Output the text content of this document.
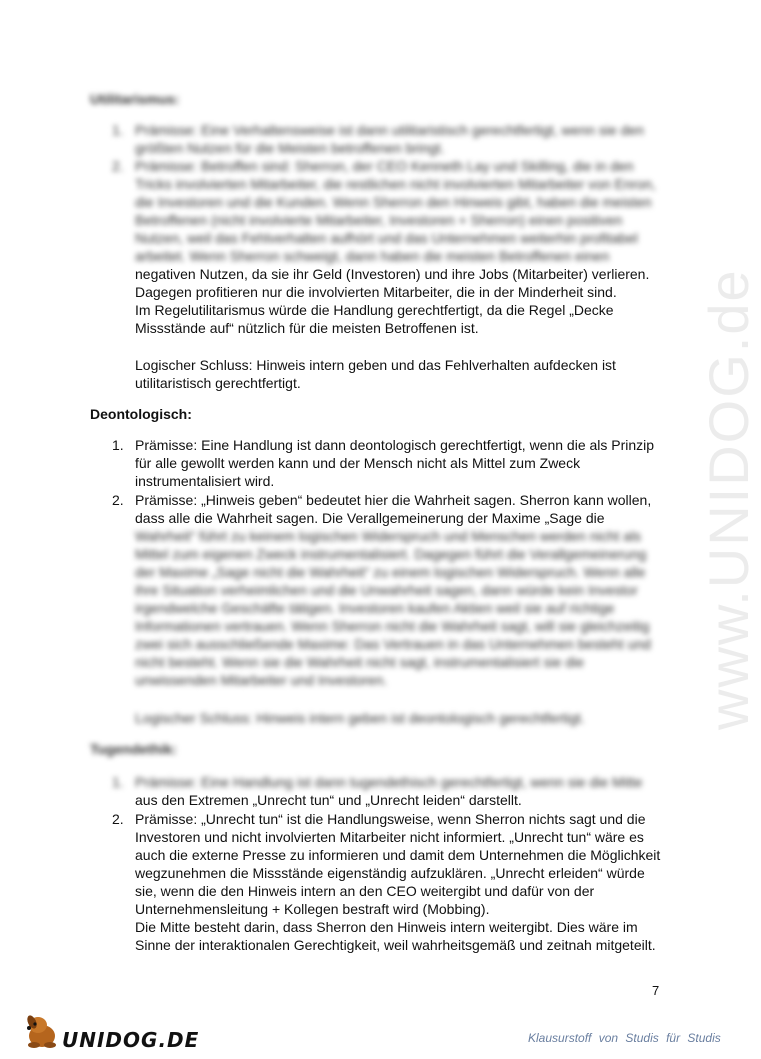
www.UNIDOG.de
Utilitarismus:
1. Prämisse: Eine Verhaltensweise ist dann utilitaristisch gerechtfertigt, wenn sie den
größten Nutzen für die Meisten betroffenen bringt.
2. Prämisse: Betroffen sind: Sherron, der CEO Kenneth Lay und Skilling, die in den
Tricks involvierten Mitarbeiter, die restlichen nicht involvierten Mitarbeiter von Enron,
die Investoren und die Kunden. Wenn Sherron den Hinweis gibt, haben die meisten
Betroffenen (nicht involvierte Mitarbeiter, Investoren + Sherron) einen positiven
Nutzen, weil das Fehlverhalten aufhört und das Unternehmen weiterhin profitabel
arbeitet. Wenn Sherron schweigt, dann haben die meisten Betroffenen einen
negativen Nutzen, da sie ihr Geld (Investoren) und ihre Jobs (Mitarbeiter) verlieren.
Dagegen profitieren nur die involvierten Mitarbeiter, die in der Minderheit sind.
Im Regelutilitarismus würde die Handlung gerechtfertigt, da die Regel „Decke
Missstände auf“ nützlich für die meisten Betroffenen ist.
Logischer Schluss: Hinweis intern geben und das Fehlverhalten aufdecken ist
utilitaristisch gerechtfertigt.
Deontologisch:
1. Prämisse: Eine Handlung ist dann deontologisch gerechtfertigt, wenn die als Prinzip
für alle gewollt werden kann und der Mensch nicht als Mittel zum Zweck
instrumentalisiert wird.
2. Prämisse: „Hinweis geben“ bedeutet hier die Wahrheit sagen. Sherron kann wollen,
dass alle die Wahrheit sagen. Die Verallgemeinerung der Maxime „Sage die
Wahrheit“ führt zu keinem logischen Widerspruch und Menschen werden nicht als
Mittel zum eigenen Zweck instrumentalisiert. Dagegen führt die Verallgemeinerung
der Maxime „Sage nicht die Wahrheit“ zu einem logischen Widerspruch. Wenn alle
ihre Situation verheimlichen und die Unwahrheit sagen, dann würde kein Investor
irgendwelche Geschäfte tätigen. Investoren kaufen Aktien weil sie auf richtige
Informationen vertrauen. Wenn Sherron nicht die Wahrheit sagt, will sie gleichzeitig
zwei sich ausschließende Maxime: Das Vertrauen in das Unternehmen besteht und
nicht besteht. Wenn sie die Wahrheit nicht sagt, instrumentalisiert sie die
unwissenden Mitarbeiter und Investoren.
Logischer Schluss: Hinweis intern geben ist deontologisch gerechtfertigt.
Tugendethik:
1. Prämisse: Eine Handlung ist dann tugendethisch gerechtfertigt, wenn sie die Mitte
aus den Extremen „Unrecht tun“ und „Unrecht leiden“ darstellt.
2. Prämisse: „Unrecht tun“ ist die Handlungsweise, wenn Sherron nichts sagt und die
Investoren und nicht involvierten Mitarbeiter nicht informiert. „Unrecht tun“ wäre es
auch die externe Presse zu informieren und damit dem Unternehmen die Möglichkeit
wegzunehmen die Missstände eigenständig aufzuklären. „Unrecht erleiden“ würde
sie, wenn die den Hinweis intern an den CEO weitergibt und dafür von der
Unternehmensleitung + Kollegen bestraft wird (Mobbing).
Die Mitte besteht darin, dass Sherron den Hinweis intern weitergibt. Dies wäre im
Sinne der interaktionalen Gerechtigkeit, weil wahrheitsgemäß und zeitnah mitgeteilt.
7
UNIDOG.DE	Klausurstoff von Studis für Studis
